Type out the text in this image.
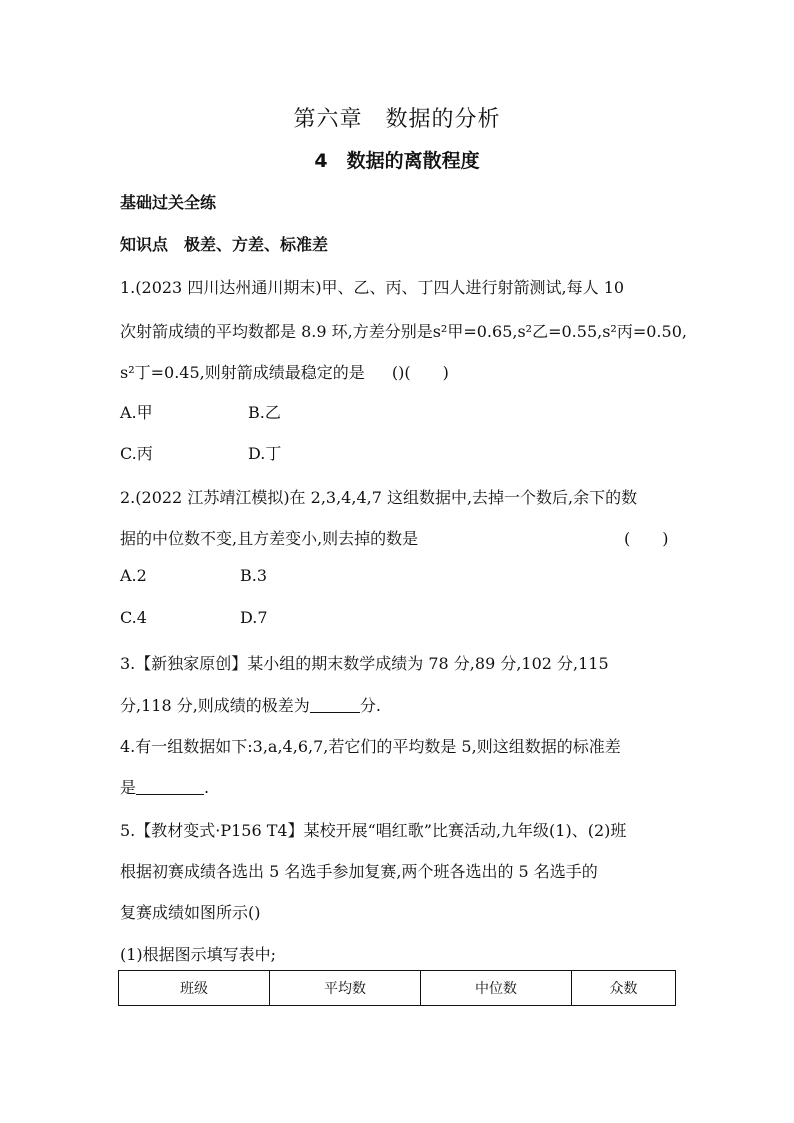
第六章　数据的分析
4　数据的离散程度
基础过关全练
知识点　极差、方差、标准差
1.(2023 四川达州通川期末)甲、乙、丙、丁四人进行射箭测试,每人 10
次射箭成绩的平均数都是 8.9 环,方差分别是s²甲=0.65,s²乙=0.55,s²丙=0.50,
s²丁=0.45,则射箭成绩最稳定的是 ()(　　)
A.甲	B.乙
C.丙	D.丁
2.(2022 江苏靖江模拟)在 2,3,4,4,7 这组数据中,去掉一个数后,余下的数
据的中位数不变,且方差变小,则去掉的数是	(　　)
A.2	B.3
C.4	D.7
3.【新独家原创】某小组的期末数学成绩为 78 分,89 分,102 分,115
分,118 分,则成绩的极差为	分.
4.有一组数据如下:3,a,4,6,7,若它们的平均数是 5,则这组数据的标准差
是	.
5.【教材变式·P156 T4】某校开展“唱红歌”比赛活动,九年级(1)、(2)班
根据初赛成绩各选出 5 名选手参加复赛,两个班各选出的 5 名选手的
复赛成绩如图所示()
(1)根据图示填写表中;
班级	平均数	中位数	众数
